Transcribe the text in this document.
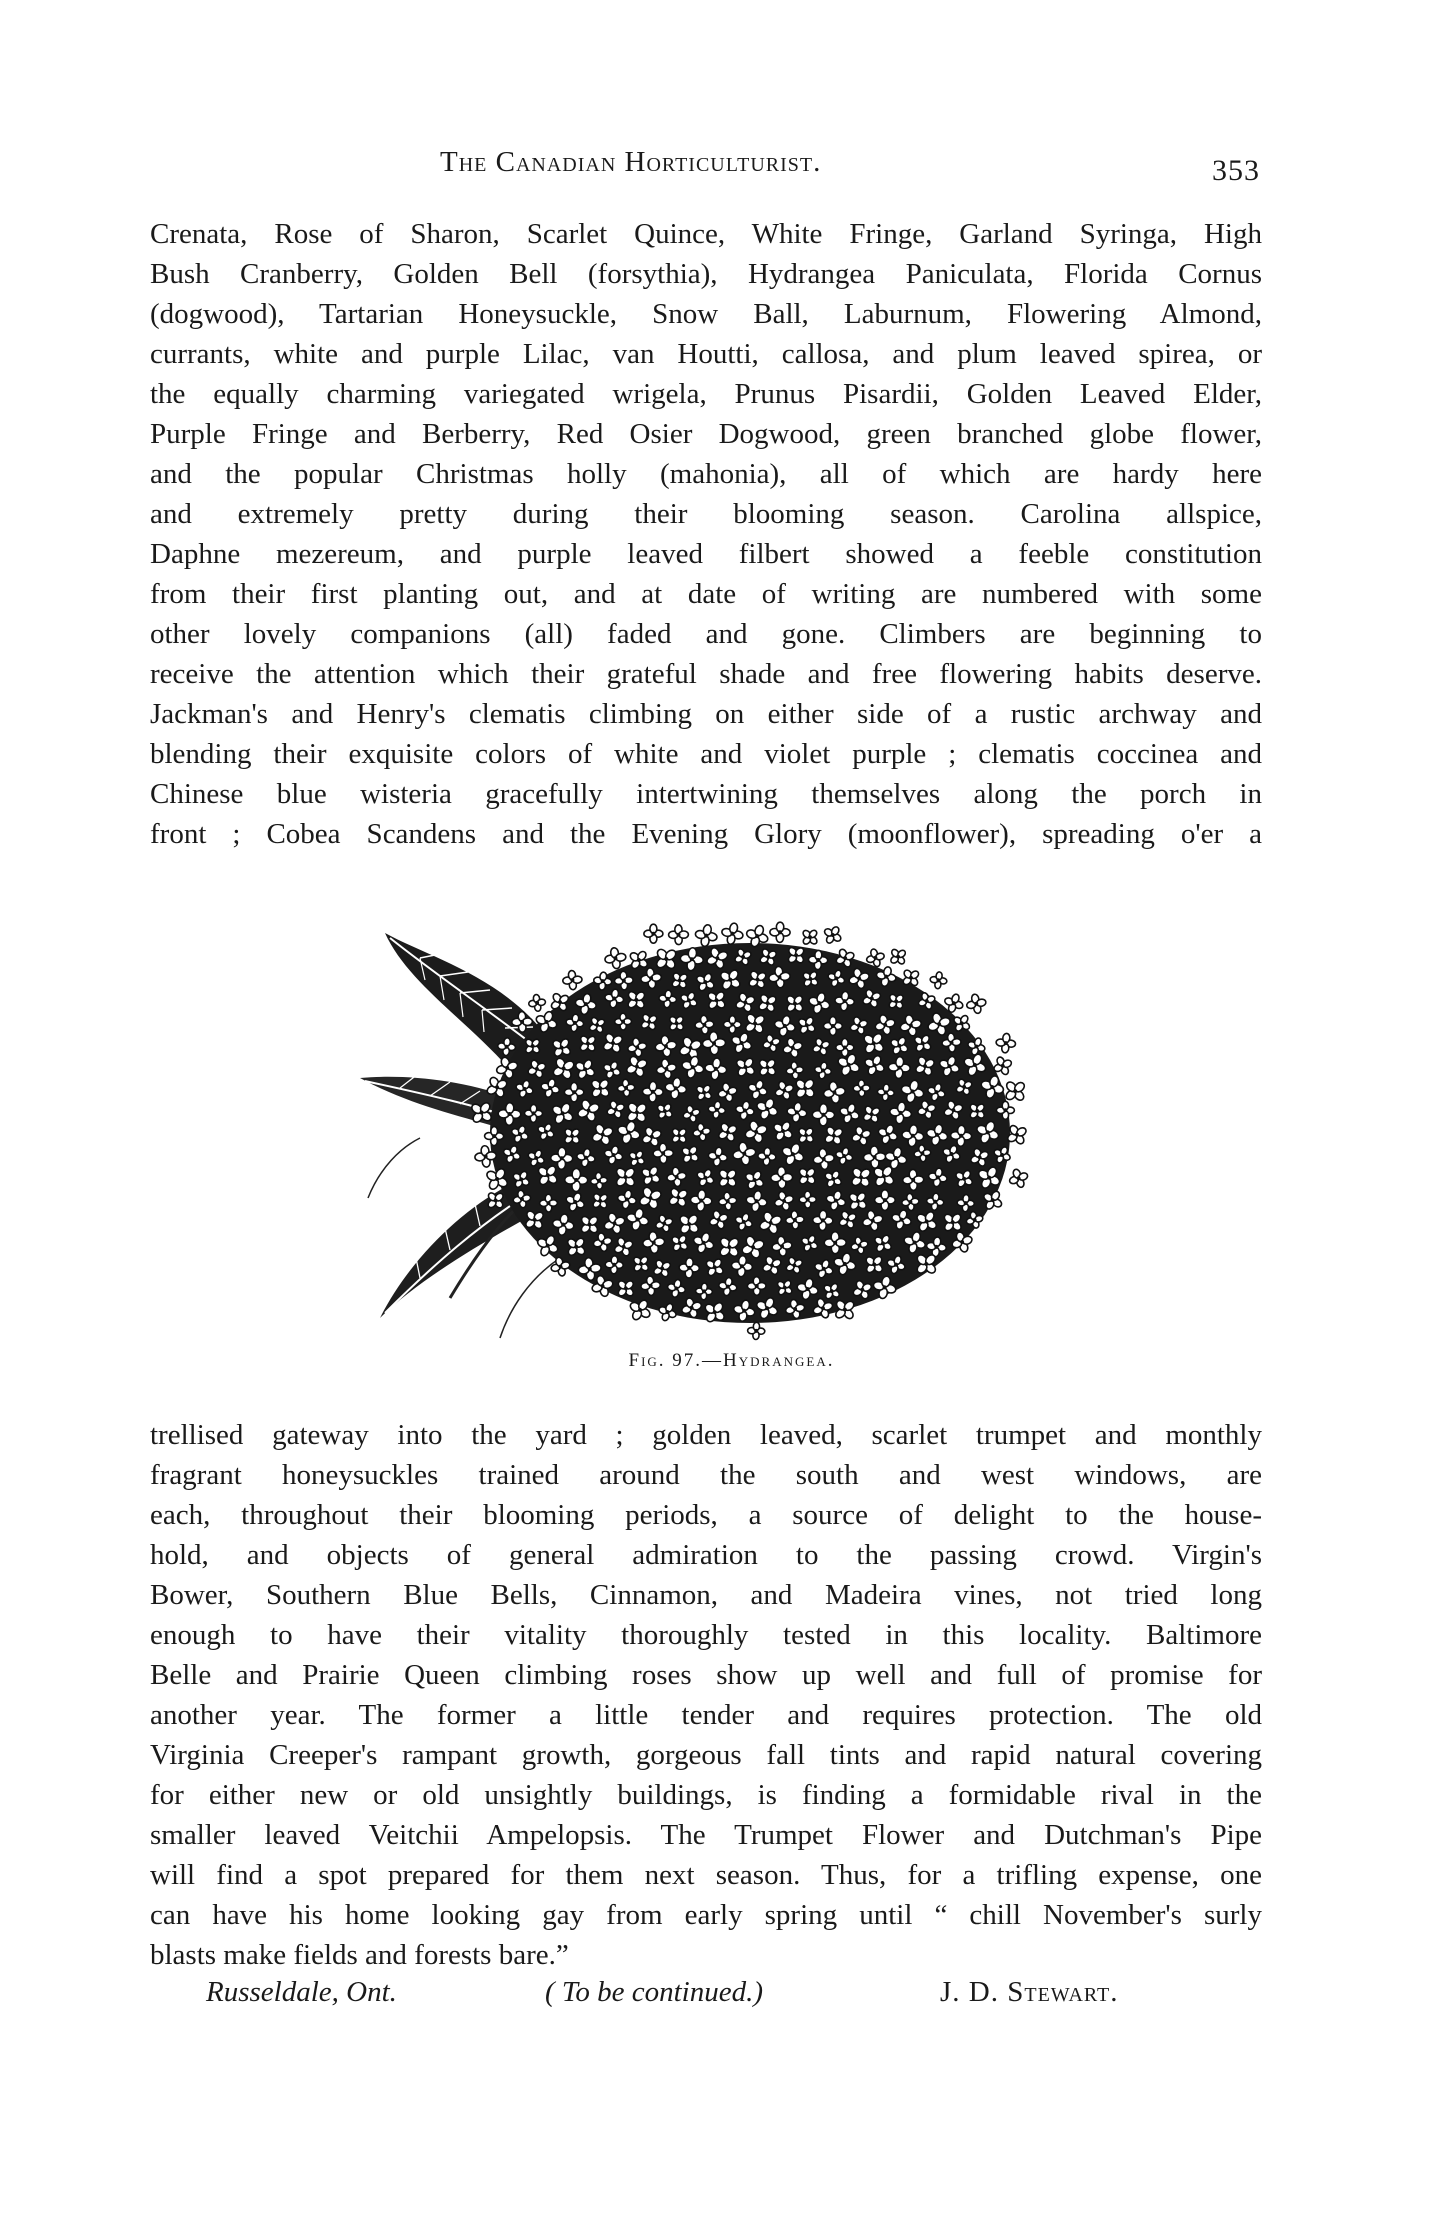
The Canadian Horticulturist.	353
Crenata, Rose of Sharon, Scarlet Quince, White Fringe, Garland Syringa, High
Bush Cranberry, Golden Bell (forsythia), Hydrangea Paniculata, Florida Cornus
(dogwood), Tartarian Honeysuckle, Snow Ball, Laburnum, Flowering Almond,
currants, white and purple Lilac, van Houtti, callosa, and plum leaved spirea, or
the equally charming variegated wrigela, Prunus Pisardii, Golden Leaved Elder,
Purple Fringe and Berberry, Red Osier Dogwood, green branched globe flower,
and the popular Christmas holly (mahonia), all of which are hardy here
and extremely pretty during their blooming season. Carolina allspice,
Daphne mezereum, and purple leaved filbert showed a feeble constitution
from their first planting out, and at date of writing are numbered with some
other lovely companions (all) faded and gone. Climbers are beginning to
receive the attention which their grateful shade and free flowering habits deserve.
Jackman's and Henry's clematis climbing on either side of a rustic archway and
blending their exquisite colors of white and violet purple ; clematis coccinea and
Chinese blue wisteria gracefully intertwining themselves along the porch in
front ; Cobea Scandens and the Evening Glory (moonflower), spreading o'er a
Fig. 97.—Hydrangea.
trellised gateway into the yard ; golden leaved, scarlet trumpet and monthly
fragrant honeysuckles trained around the south and west windows, are
each, throughout their blooming periods, a source of delight to the house-
hold, and objects of general admiration to the passing crowd. Virgin's
Bower, Southern Blue Bells, Cinnamon, and Madeira vines, not tried long
enough to have their vitality thoroughly tested in this locality. Baltimore
Belle and Prairie Queen climbing roses show up well and full of promise for
another year. The former a little tender and requires protection. The old
Virginia Creeper's rampant growth, gorgeous fall tints and rapid natural covering
for either new or old unsightly buildings, is finding a formidable rival in the
smaller leaved Veitchii Ampelopsis. The Trumpet Flower and Dutchman's Pipe
will find a spot prepared for them next season. Thus, for a trifling expense, one
can have his home looking gay from early spring until “ chill November's surly
blasts make fields and forests bare.”
Russeldale, Ont.	( To be continued.)	J. D. Stewart.
